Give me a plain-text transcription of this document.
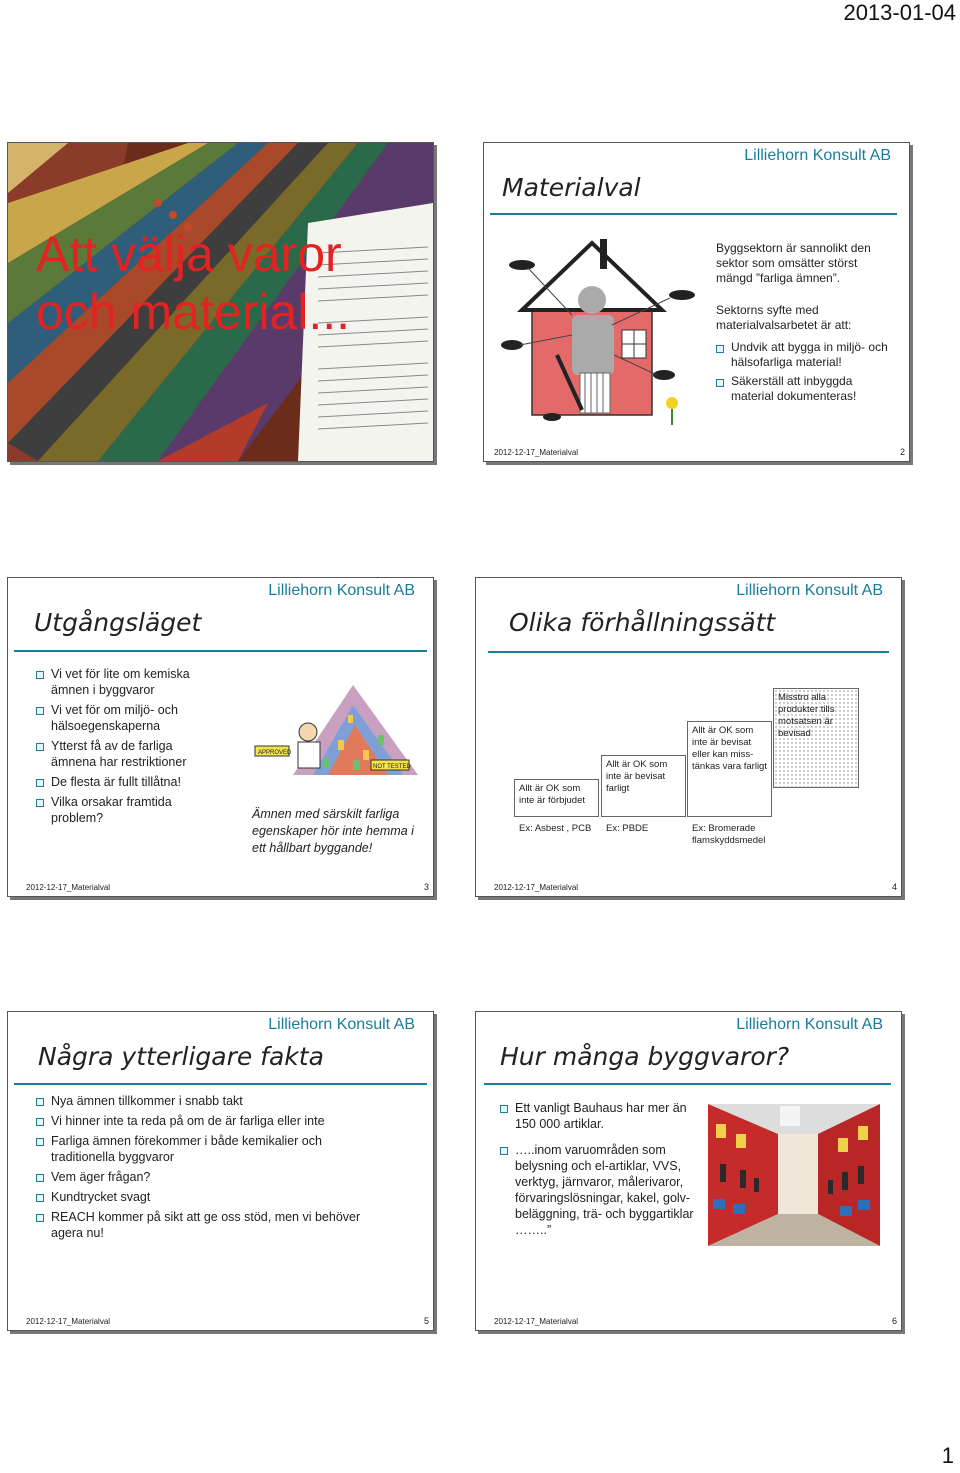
2013-01-04
Att välja varor och material...
Lilliehorn Konsult AB
Materialval
Byggsektorn är sannolikt den sektor som omsätter störst mängd ”farliga ämnen”.
Sektorns syfte med materialvalsarbetet är att:
Undvik att bygga in miljö- och hälsofarliga material!
Säkerställ att inbyggda material dokumenteras!
2012-12-17_Materialval	2
Lilliehorn Konsult AB
Utgångsläget
Vi vet för lite om kemiska ämnen i byggvaror
Vi vet för om miljö- och hälsoegenskaperna
Ytterst få av de farliga ämnena har restriktioner
De flesta är fullt tillåtna!
Vilka orsakar framtida problem?
APPROVED
NOT TESTED
Ämnen med särskilt farliga egenskaper hör inte hemma i ett hållbart byggande!
2012-12-17_Materialval	3
Lilliehorn Konsult AB
Olika förhållningssätt
Allt är OK som inte är förbjudet
Allt är OK som inte är bevisat farligt
Allt är OK som inte är bevisat eller kan miss-tänkas vara farligt
Misstro alla produkter tills motsatsen är bevisad
Ex: Asbest , PCB Ex: PBDE	Ex: Bromerade flamskyddsmedel
2012-12-17_Materialval	4
Lilliehorn Konsult AB
Några ytterligare fakta
Nya ämnen tillkommer i snabb takt
Vi hinner inte ta reda på om de är farliga eller inte
Farliga ämnen förekommer i både kemikalier och traditionella byggvaror
Vem äger frågan?
Kundtrycket svagt
REACH kommer på sikt att ge oss stöd, men vi behöver agera nu!
2012-12-17_Materialval	5
Lilliehorn Konsult AB
Hur många byggvaror?
Ett vanligt Bauhaus har mer än 150 000 artiklar.
…..inom varuområden som belysning och el-artiklar, VVS, verktyg, järnvaror, målerivaror, förvaringslösningar, kakel, golv-beläggning, trä- och byggartiklar ……..”
2012-12-17_Materialval	6
1
